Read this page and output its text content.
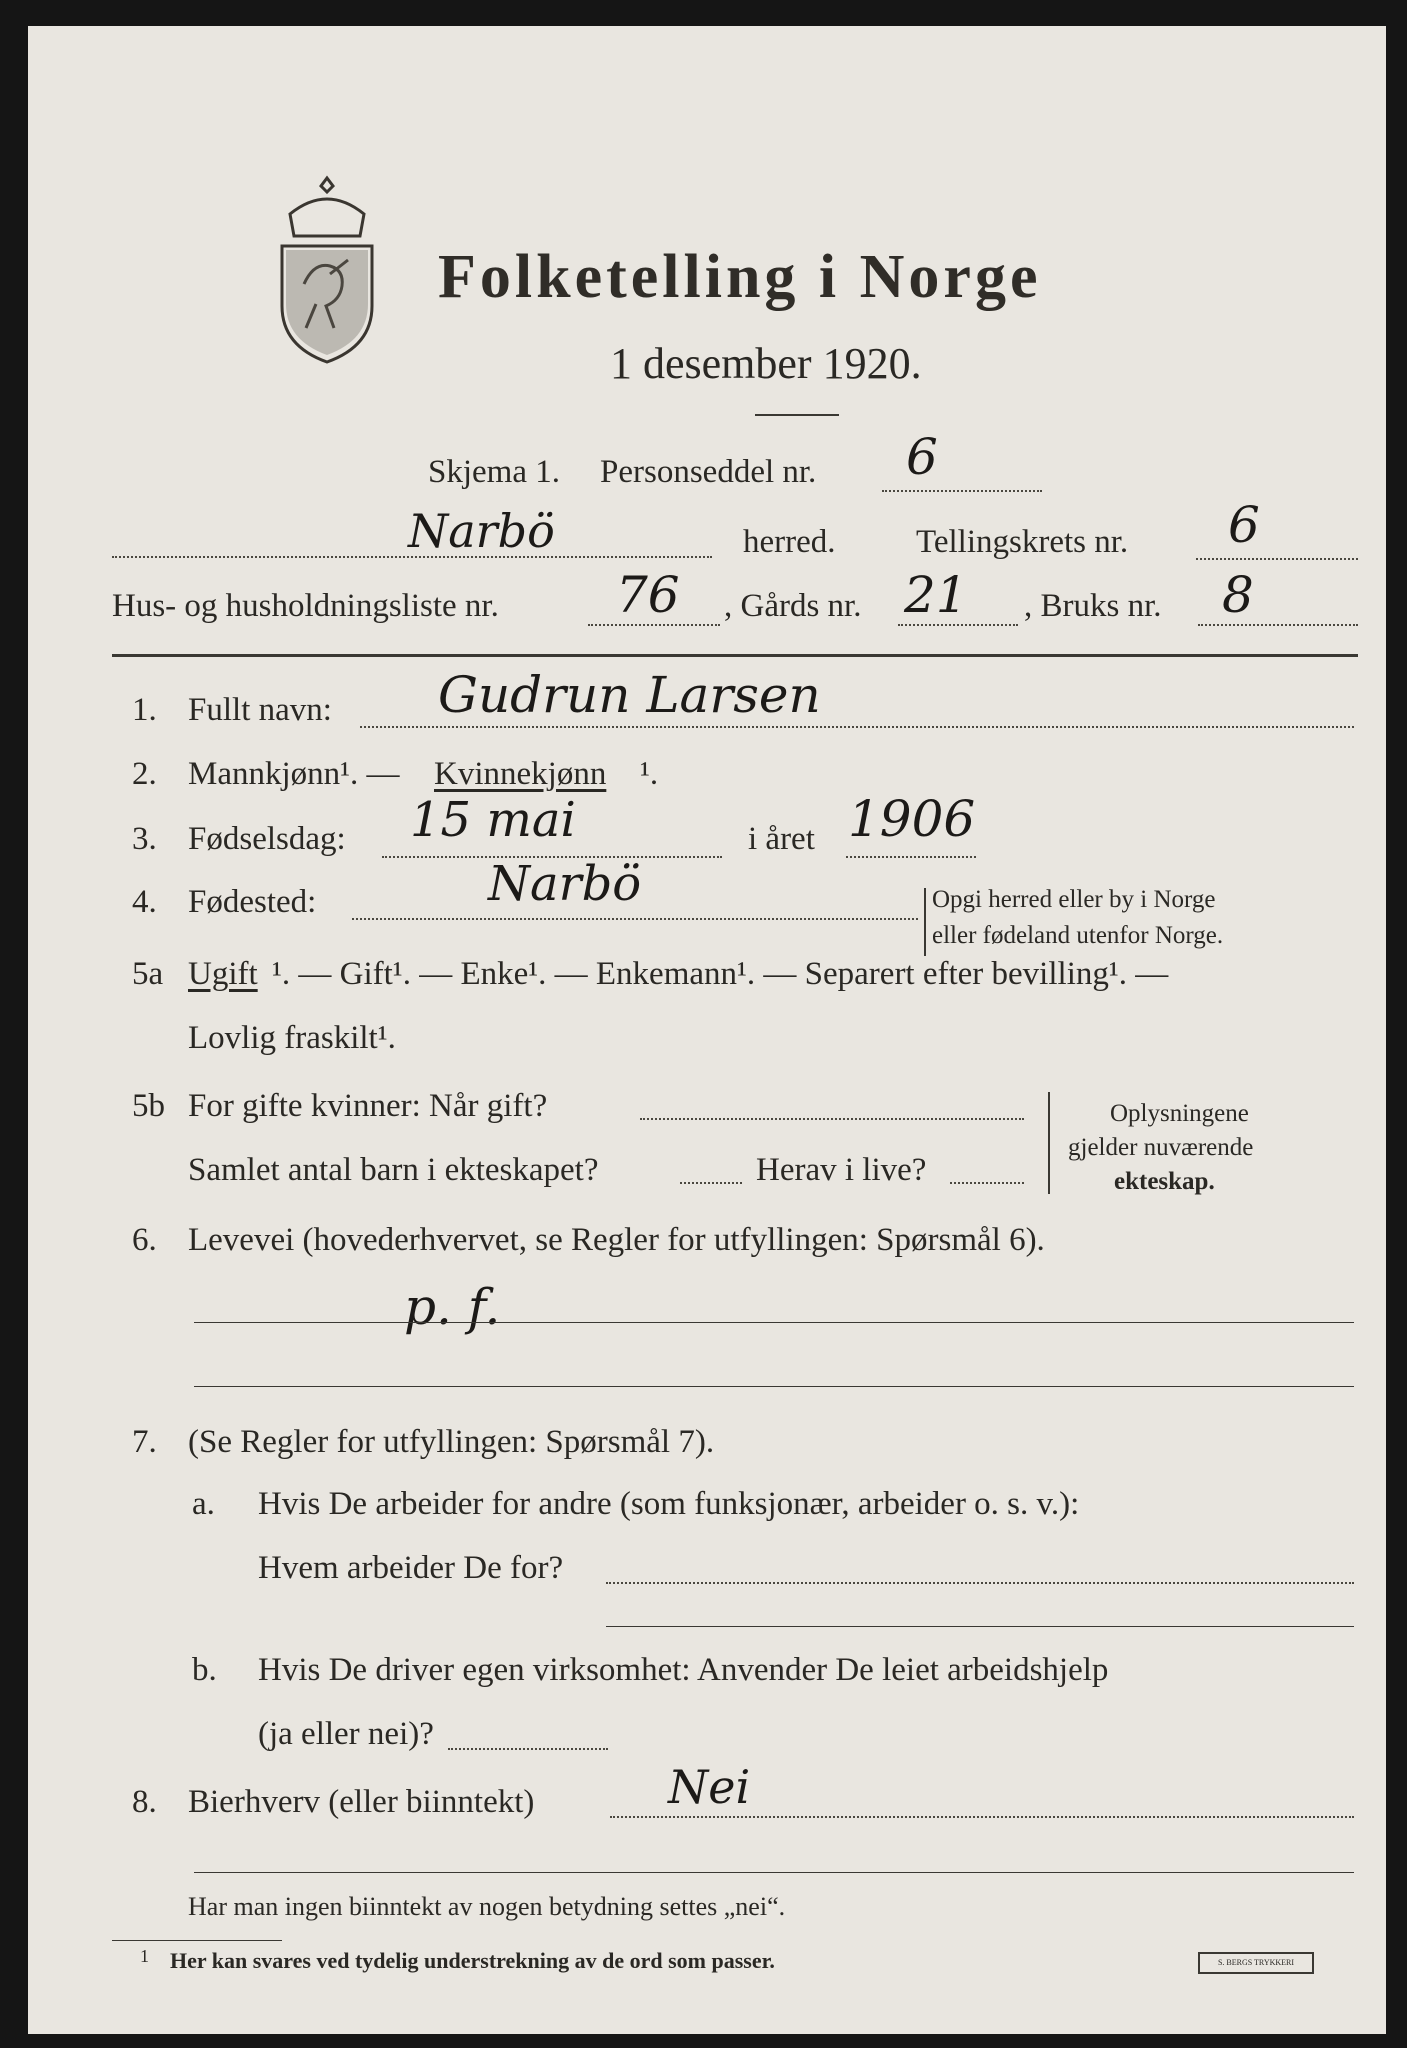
Folketelling i Norge
1 desember 1920.
Skjema 1. Personseddel nr. 6
Narbö	herred. Tellingskrets nr. 6
Hus- og husholdningsliste nr. 76 , Gårds nr. 21 , Bruks nr. 8
1. Fullt navn: Gudrun Larsen
2. Mannkjønn¹. — Kvinnekjønn ¹.
3. Fødselsdag: 15 mai	i året 1906
4. Fødested:	Narbö	Opgi herred eller by i Norge
eller fødeland utenfor Norge.
5a Ugift ¹. — Gift¹. — Enke¹. — Enkemann¹. — Separert efter bevilling¹. —
Lovlig fraskilt¹.
5b For gifte kvinner: Når gift?
Samlet antal barn i ekteskapet?	Herav i live?
Oplysningene
gjelder nuværende
ekteskap.
6. Levevei (hovederhvervet, se Regler for utfyllingen: Spørsmål 6).
p. f.
7. (Se Regler for utfyllingen: Spørsmål 7).
a. Hvis De arbeider for andre (som funksjonær, arbeider o. s. v.):
Hvem arbeider De for?
b. Hvis De driver egen virksomhet: Anvender De leiet arbeidshjelp
(ja eller nei)?
8. Bierhverv (eller biinntekt)	Nei
Har man ingen biinntekt av nogen betydning settes „nei“.
1 Her kan svares ved tydelig understrekning av de ord som passer.	S. BERGS TRYKKERI
